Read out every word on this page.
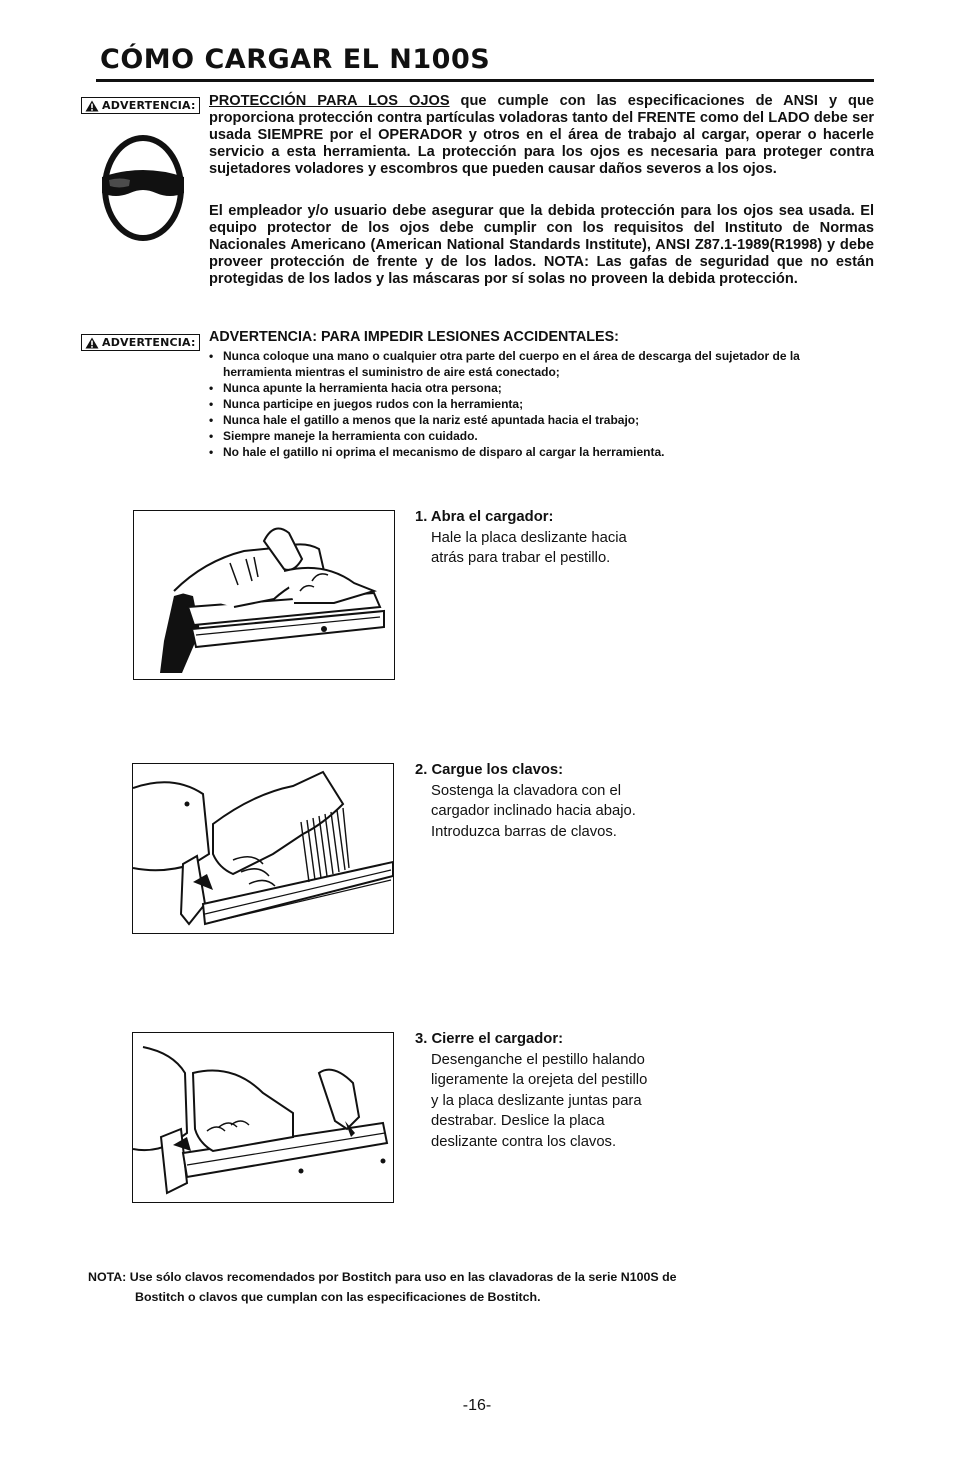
CÓMO CARGAR EL N100S
ADVERTENCIA: PROTECCIÓN PARA LOS OJOS que cumple con las especificaciones de ANSI y que proporciona protección contra partículas voladoras tanto del FRENTE como del LADO debe ser usada SIEMPRE por el OPERADOR y otros en el área de trabajo al cargar, operar o hacerle servicio a esta herramienta. La protección para los ojos es necesaria para proteger contra sujetadores voladores y escombros que pueden causar daños severos a los ojos.
El empleador y/o usuario debe asegurar que la debida protección para los ojos sea usada. El equipo protector de los ojos debe cumplir con los requisitos del Instituto de Normas Nacionales Americano (American National Standards Institute), ANSI Z87.1-1989(R1998) y debe proveer protección de frente y de los lados. NOTA: Las gafas de seguridad que no están protegidas de los lados y las máscaras por sí solas no proveen la debida protección.
ADVERTENCIA: ADVERTENCIA: PARA IMPEDIR LESIONES ACCIDENTALES:
• Nunca coloque una mano o cualquier otra parte del cuerpo en el área de descarga del sujetador de la herramienta mientras el suministro de aire está conectado;
• Nunca apunte la herramienta hacia otra persona;
• Nunca participe en juegos rudos con la herramienta;
• Nunca hale el gatillo a menos que la nariz esté apuntada hacia el trabajo;
• Siempre maneje la herramienta con cuidado.
• No hale el gatillo ni oprima el mecanismo de disparo al cargar la herramienta.
1. Abra el cargador:
Hale la placa deslizante hacia
atrás para trabar el pestillo.
2. Cargue los clavos:
Sostenga la clavadora con el
cargador inclinado hacia abajo.
Introduzca barras de clavos.
3. Cierre el cargador:
Desenganche el pestillo halando
ligeramente la orejeta del pestillo
y la placa deslizante juntas para
destrabar. Deslice la placa
deslizante contra los clavos.
NOTA: Use sólo clavos recomendados por Bostitch para uso en las clavadoras de la serie N100S de
Bostitch o clavos que cumplan con las especificaciones de Bostitch.
-16-
